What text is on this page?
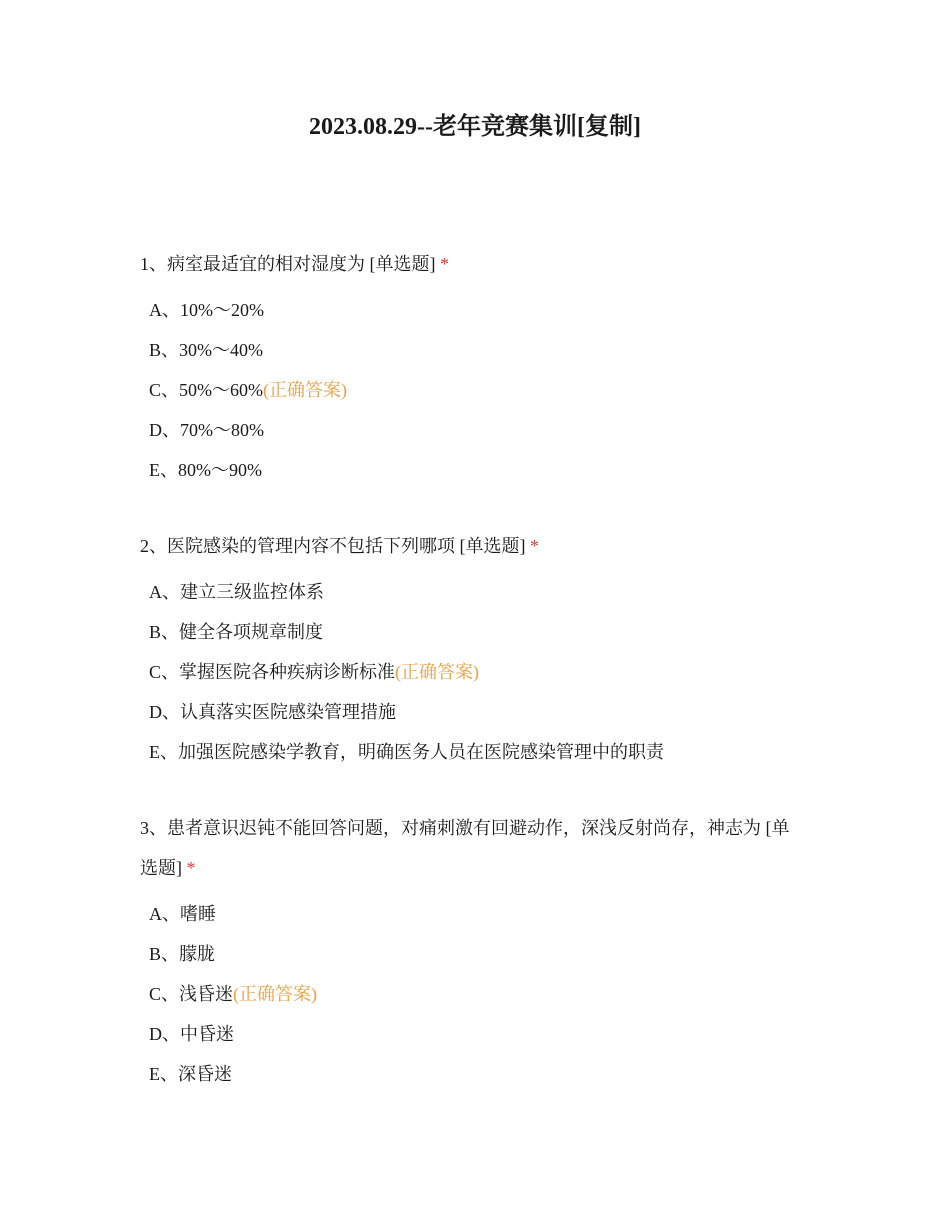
2023.08.29--老年竞赛集训[复制]
1、病室最适宜的相对湿度为 [单选题] *
A、10%～20%
B、30%～40%
C、50%～60%(正确答案)
D、70%～80%
E、80%～90%
2、医院感染的管理内容不包括下列哪项 [单选题] *
A、建立三级监控体系
B、健全各项规章制度
C、掌握医院各种疾病诊断标准(正确答案)
D、认真落实医院感染管理措施
E、加强医院感染学教育，明确医务人员在医院感染管理中的职责
3、患者意识迟钝不能回答问题，对痛刺激有回避动作，深浅反射尚存，神志为 [单选题] *
A、嗜睡
B、朦胧
C、浅昏迷(正确答案)
D、中昏迷
E、深昏迷
